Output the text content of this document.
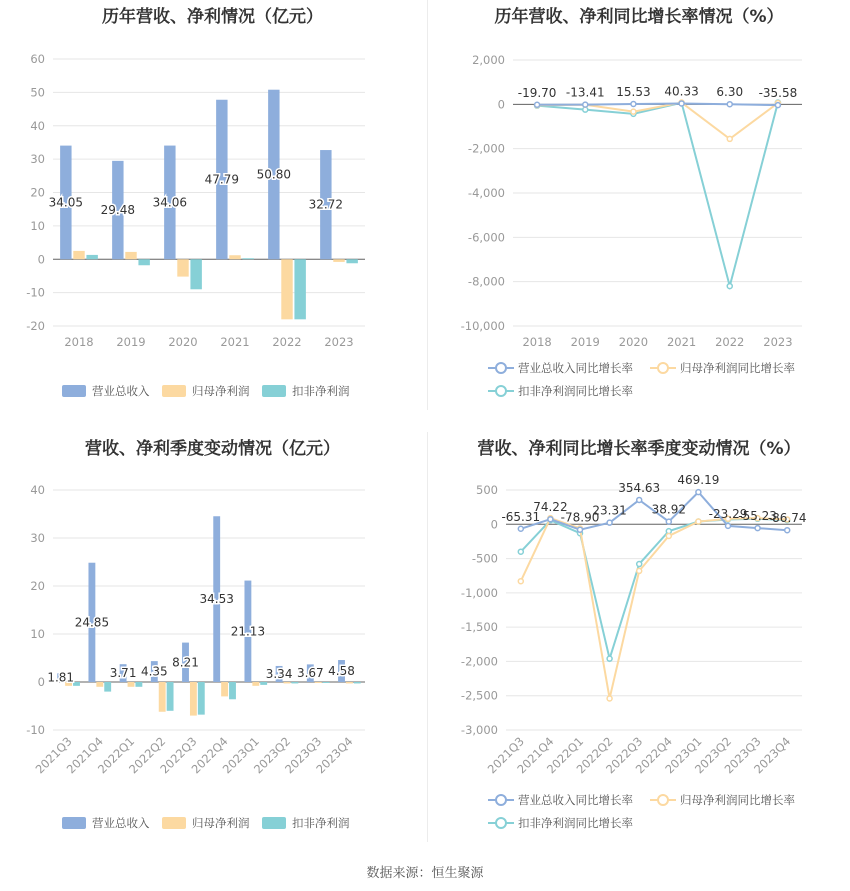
历年营收、净利情况（亿元）
-20
-10
0
10
20
30
40
50
60
2018 2019 2020 2021 2022 2023
34.05
29.48
34.06
47.79 50.80
32.72
营业总收入	归母净利润	扣非净利润
历年营收、净利同比增长率情况（%）
-10,000
-8,000
-6,000
-4,000
-2,000
0
2,000
2018 2019 2020 2021 2022 2023
-19.70 -13.41 15.53 40.33 6.30 -35.58
营业总收入同比增长率	归母净利润同比增长率
扣非净利润同比增长率
营收、净利季度变动情况（亿元）
-10
0
10
20
30
40
2021Q3
2021Q4
2022Q1
2022Q2
2022Q3
2022Q4
2023Q1
2023Q2
2023Q3
2023Q4
1.81
24.85
3.71 4.35
8.21
34.53
21.13
3.34 3.67 4.58
营业总收入	归母净利润	扣非净利润
营收、净利同比增长率季度变动情况（%）
-3,000
-2,500
-2,000
-1,500
-1,000
-500
0
500
2021Q3
2021Q4
2022Q1
2022Q2
2022Q3
2022Q4
2023Q1
2023Q2
2023Q3
2023Q4
-65.31
74.22
-78.90
23.31
354.63
38.92
469.19
-23.29
-55.23
-86.74
营业总收入同比增长率	归母净利润同比增长率
扣非净利润同比增长率
数据来源：恒生聚源
